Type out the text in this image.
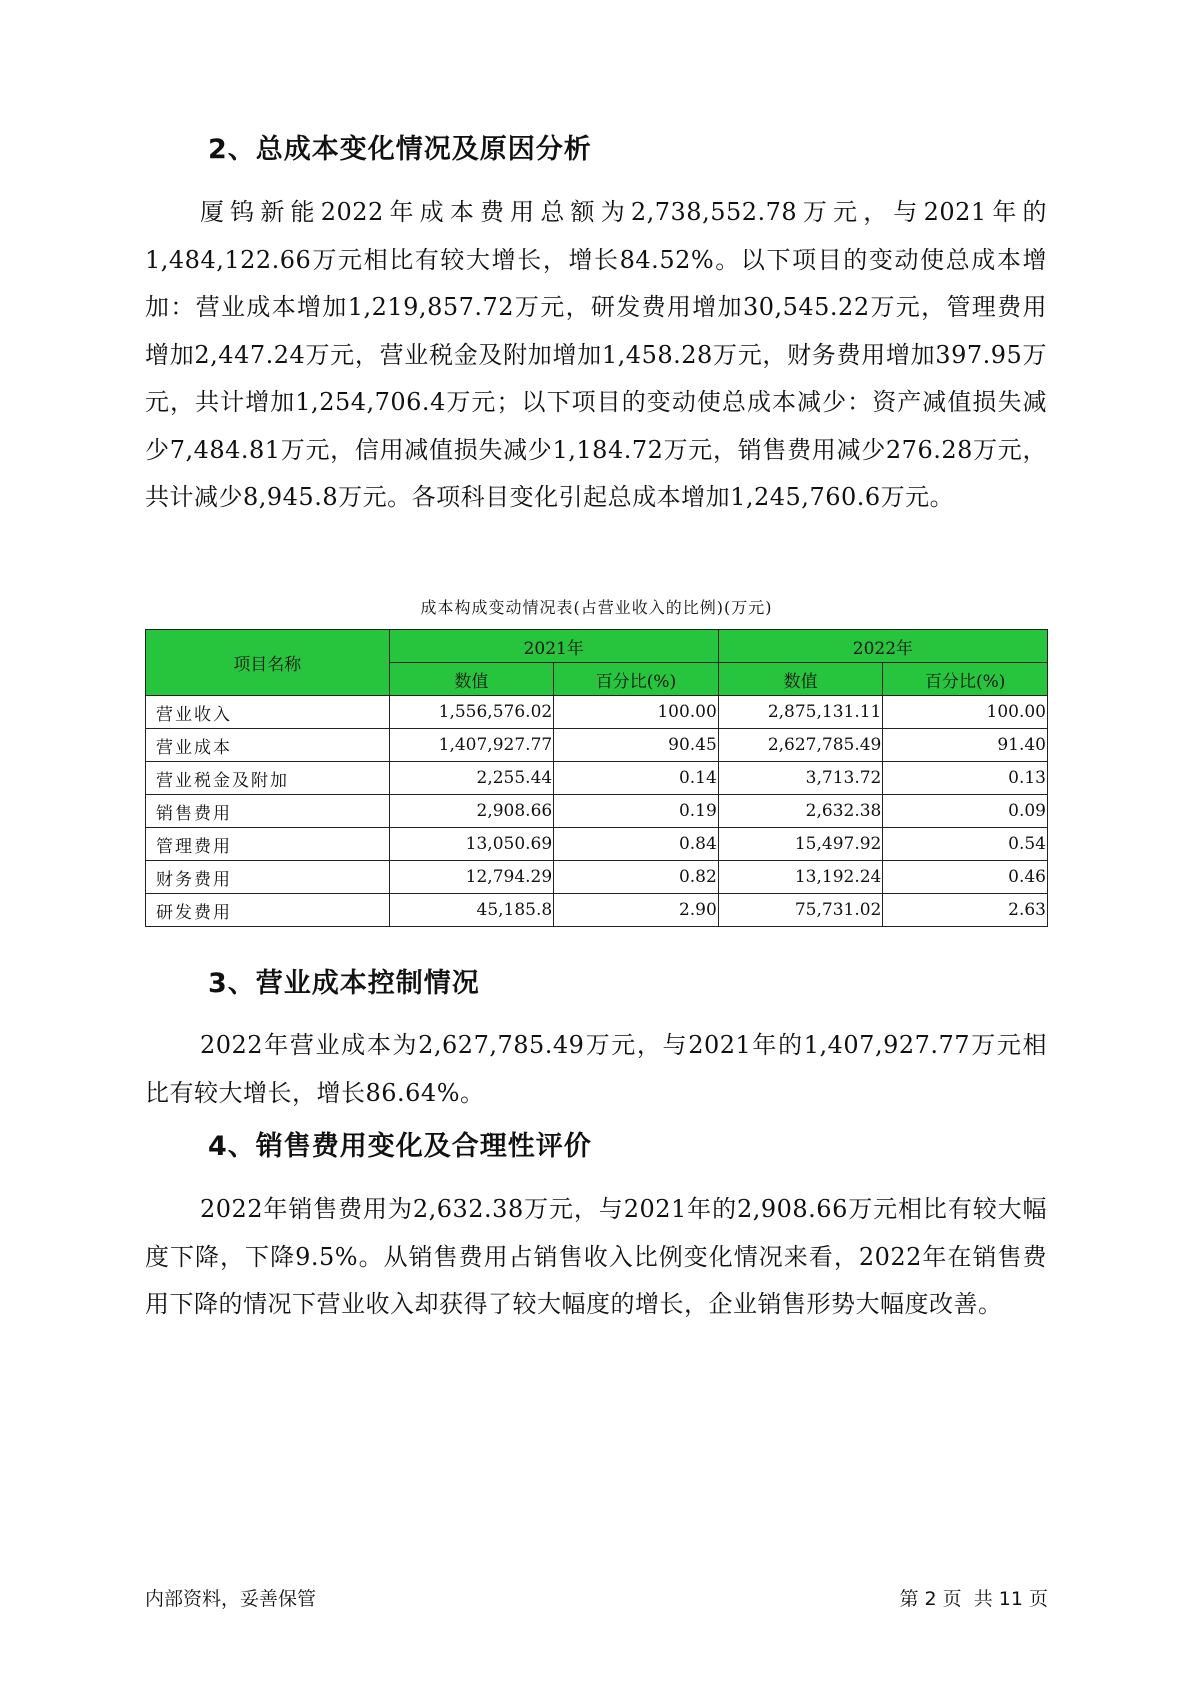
2、总成本变化情况及原因分析

厦钨新能2022年成本费用总额为2,738,552.78万元，与2021年的1,484,122.66万元相比有较大增长，增长84.52%。以下项目的变动使总成本增加：营业成本增加1,219,857.72万元，研发费用增加30,545.22万元，管理费用增加2,447.24万元，营业税金及附加增加1,458.28万元，财务费用增加397.95万元，共计增加1,254,706.4万元；以下项目的变动使总成本减少：资产减值损失减少7,484.81万元，信用减值损失减少1,184.72万元，销售费用减少276.28万元，共计减少8,945.8万元。各项科目变化引起总成本增加1,245,760.6万元。

成本构成变动情况表(占营业收入的比例)(万元)
项目名称	2021年		2022年	
	数值	百分比(%)	数值	百分比(%)
营业收入	1,556,576.02	100.00	2,875,131.11	100.00
营业成本	1,407,927.77	90.45	2,627,785.49	91.40
营业税金及附加	2,255.44	0.14	3,713.72	0.13
销售费用	2,908.66	0.19	2,632.38	0.09
管理费用	13,050.69	0.84	15,497.92	0.54
财务费用	12,794.29	0.82	13,192.24	0.46
研发费用	45,185.8	2.90	75,731.02	2.63
3、营业成本控制情况

2022年营业成本为2,627,785.49万元，与2021年的1,407,927.77万元相比有较大增长，增长86.64%。

4、销售费用变化及合理性评价

2022年销售费用为2,632.38万元，与2021年的2,908.66万元相比有较大幅度下降，下降9.5%。从销售费用占销售收入比例变化情况来看，2022年在销售费用下降的情况下营业收入却获得了较大幅度的增长，企业销售形势大幅度改善。

内部资料，妥善保管	第 2 页  共 11 页
